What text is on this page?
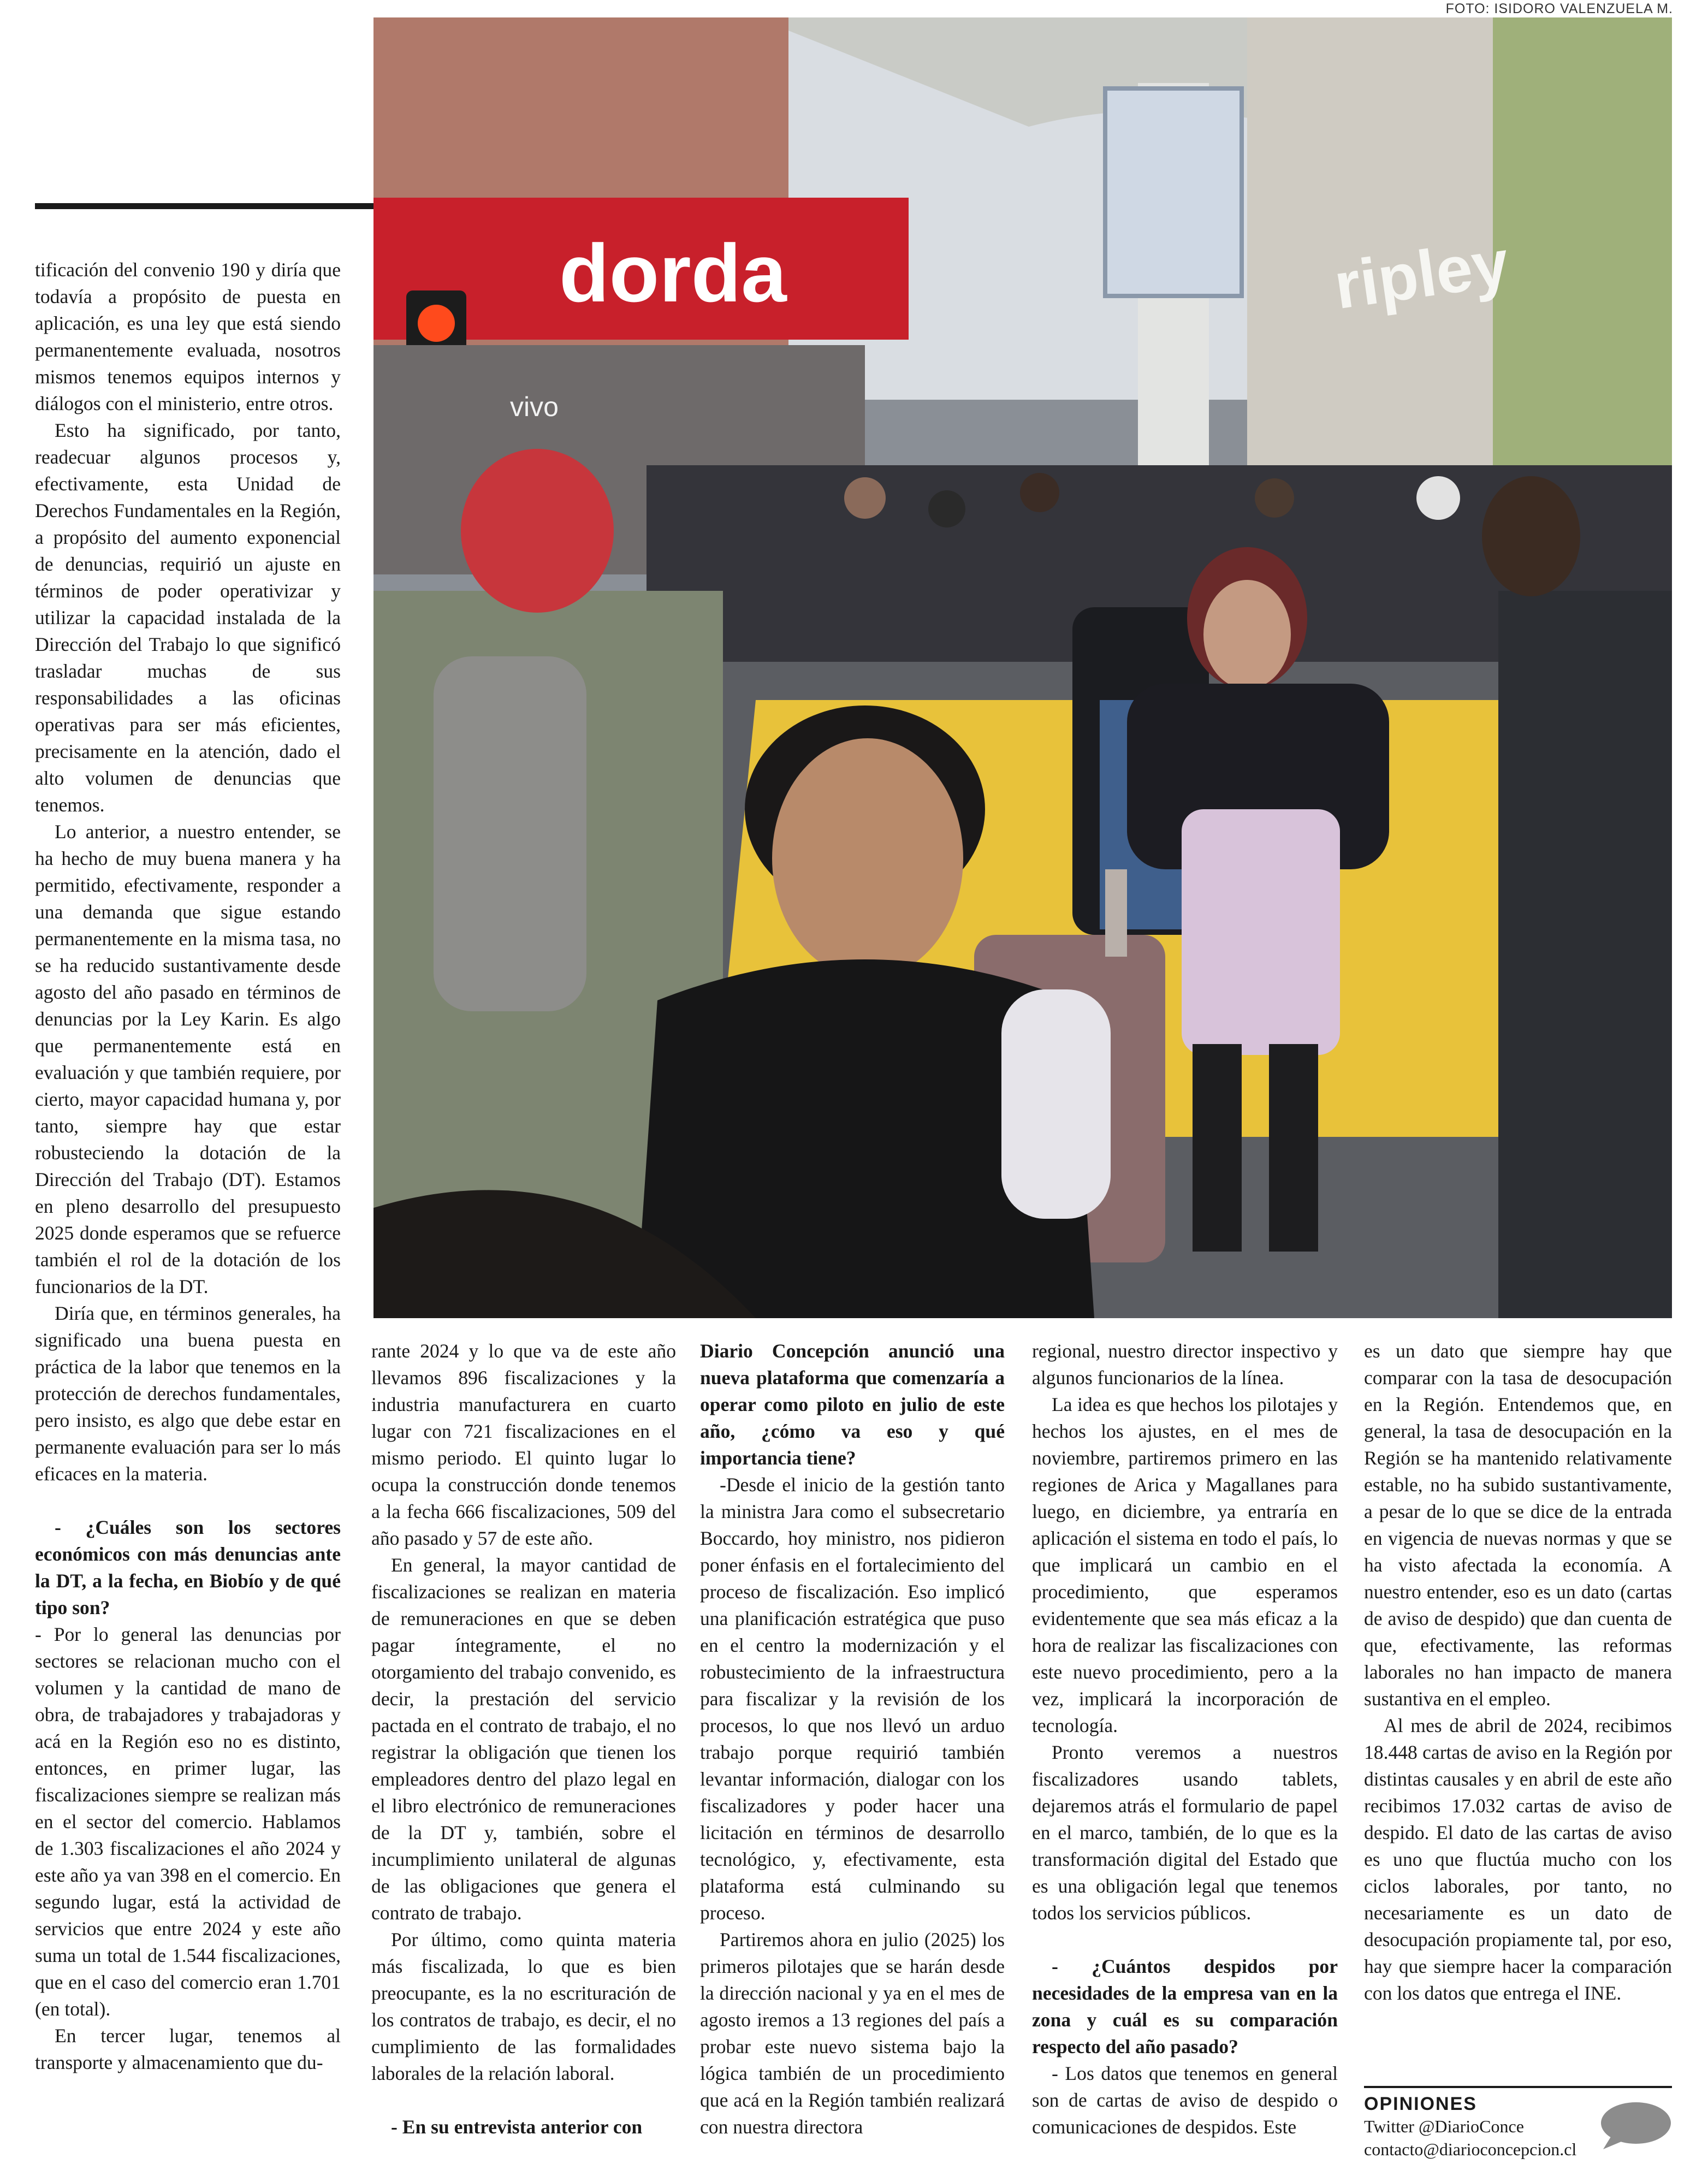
FOTO: ISIDORO VALENZUELA M.
dorda
vivo
ripley

tificación del convenio 190 y diría que todavía a propósito de puesta en aplicación, es una ley que está siendo permanentemente evaluada, nosotros mismos tenemos equipos internos y diálogos con el ministerio, entre otros.

Esto ha significado, por tanto, readecuar algunos procesos y, efectivamente, esta Unidad de Derechos Fundamentales en la Región, a propósito del aumento exponencial de denuncias, requirió un ajuste en términos de poder operativizar y utilizar la capacidad instalada de la Dirección del Trabajo lo que significó trasladar muchas de sus responsabilidades a las oficinas operativas para ser más eficientes, precisamente en la atención, dado el alto volumen de denuncias que tenemos.

Lo anterior, a nuestro entender, se ha hecho de muy buena manera y ha permitido, efectivamente, responder a una demanda que sigue estando permanentemente en la misma tasa, no se ha reducido sustantivamente desde agosto del año pasado en términos de denuncias por la Ley Karin. Es algo que permanentemente está en evaluación y que también requiere, por cierto, mayor capacidad humana y, por tanto, siempre hay que estar robusteciendo la dotación de la Dirección del Trabajo (DT). Estamos en pleno desarrollo del presupuesto 2025 donde esperamos que se refuerce también el rol de la dotación de los funcionarios de la DT.

Diría que, en términos generales, ha significado una buena puesta en práctica de la labor que tenemos en la protección de derechos fundamentales, pero insisto, es algo que debe estar en permanente evaluación para ser lo más eficaces en la materia.

- ¿Cuáles son los sectores económicos con más denuncias ante la DT, a la fecha, en Biobío y de qué tipo son?

- Por lo general las denuncias por sectores se relacionan mucho con el volumen y la cantidad de mano de obra, de trabajadores y trabajadoras y acá en la Región eso no es distinto, entonces, en primer lugar, las fiscalizaciones siempre se realizan más en el sector del comercio. Hablamos de 1.303 fiscalizaciones el año 2024 y este año ya van 398 en el comercio. En segundo lugar, está la actividad de servicios que entre 2024 y este año suma un total de 1.544 fiscalizaciones, que en el caso del comercio eran 1.701 (en total).

En tercer lugar, tenemos al transporte y almacenamiento que du-

rante 2024 y lo que va de este año llevamos 896 fiscalizaciones y la industria manufacturera en cuarto lugar con 721 fiscalizaciones en el mismo periodo. El quinto lugar lo ocupa la construcción donde tenemos a la fecha 666 fiscalizaciones, 509 del año pasado y 57 de este año.

En general, la mayor cantidad de fiscalizaciones se realizan en materia de remuneraciones en que se deben pagar íntegramente, el no otorgamiento del trabajo convenido, es decir, la prestación del servicio pactada en el contrato de trabajo, el no registrar la obligación que tienen los empleadores dentro del plazo legal en el libro electrónico de remuneraciones de la DT y, también, sobre el incumplimiento unilateral de algunas de las obligaciones que genera el contrato de trabajo.

Por último, como quinta materia más fiscalizada, lo que es bien preocupante, es la no escrituración de los contratos de trabajo, es decir, el no cumplimiento de las formalidades laborales de la relación laboral.

- En su entrevista anterior con

Diario Concepción anunció una nueva plataforma que comenzaría a operar como piloto en julio de este año, ¿cómo va eso y qué importancia tiene?

-Desde el inicio de la gestión tanto la ministra Jara como el subsecretario Boccardo, hoy ministro, nos pidieron poner énfasis en el fortalecimiento del proceso de fiscalización. Eso implicó una planificación estratégica que puso en el centro la modernización y el robustecimiento de la infraestructura para fiscalizar y la revisión de los procesos, lo que nos llevó un arduo trabajo porque requirió también levantar información, dialogar con los fiscalizadores y poder hacer una licitación en términos de desarrollo tecnológico, y, efectivamente, esta plataforma está culminando su proceso.

Partiremos ahora en julio (2025) los primeros pilotajes que se harán desde la dirección nacional y ya en el mes de agosto iremos a 13 regiones del país a probar este nuevo sistema bajo la lógica también de un procedimiento que acá en la Región también realizará con nuestra directora

regional, nuestro director inspectivo y algunos funcionarios de la línea.

La idea es que hechos los pilotajes y hechos los ajustes, en el mes de noviembre, partiremos primero en las regiones de Arica y Magallanes para luego, en diciembre, ya entraría en aplicación el sistema en todo el país, lo que implicará un cambio en el procedimiento, que esperamos evidentemente que sea más eficaz a la hora de realizar las fiscalizaciones con este nuevo procedimiento, pero a la vez, implicará la incorporación de tecnología.

Pronto veremos a nuestros fiscalizadores usando tablets, dejaremos atrás el formulario de papel en el marco, también, de lo que es la transformación digital del Estado que es una obligación legal que tenemos todos los servicios públicos.

- ¿Cuántos despidos por necesidades de la empresa van en la zona y cuál es su comparación respecto del año pasado?

- Los datos que tenemos en general son de cartas de aviso de despido o comunicaciones de despidos. Este

es un dato que siempre hay que comparar con la tasa de desocupación en la Región. Entendemos que, en general, la tasa de desocupación en la Región se ha mantenido relativamente estable, no ha subido sustantivamente, a pesar de lo que se dice de la entrada en vigencia de nuevas normas y que se ha visto afectada la economía. A nuestro entender, eso es un dato (cartas de aviso de despido) que dan cuenta de que, efectivamente, las reformas laborales no han impacto de manera sustantiva en el empleo.

Al mes de abril de 2024, recibimos 18.448 cartas de aviso en la Región por distintas causales y en abril de este año recibimos 17.032 cartas de aviso de despido. El dato de las cartas de aviso es uno que fluctúa mucho con los ciclos laborales, por tanto, no necesariamente es un dato de desocupación propiamente tal, por eso, hay que siempre hacer la comparación con los datos que entrega el INE.

OPINIONES
Twitter @DiarioConce
contacto@diarioconcepcion.cl
